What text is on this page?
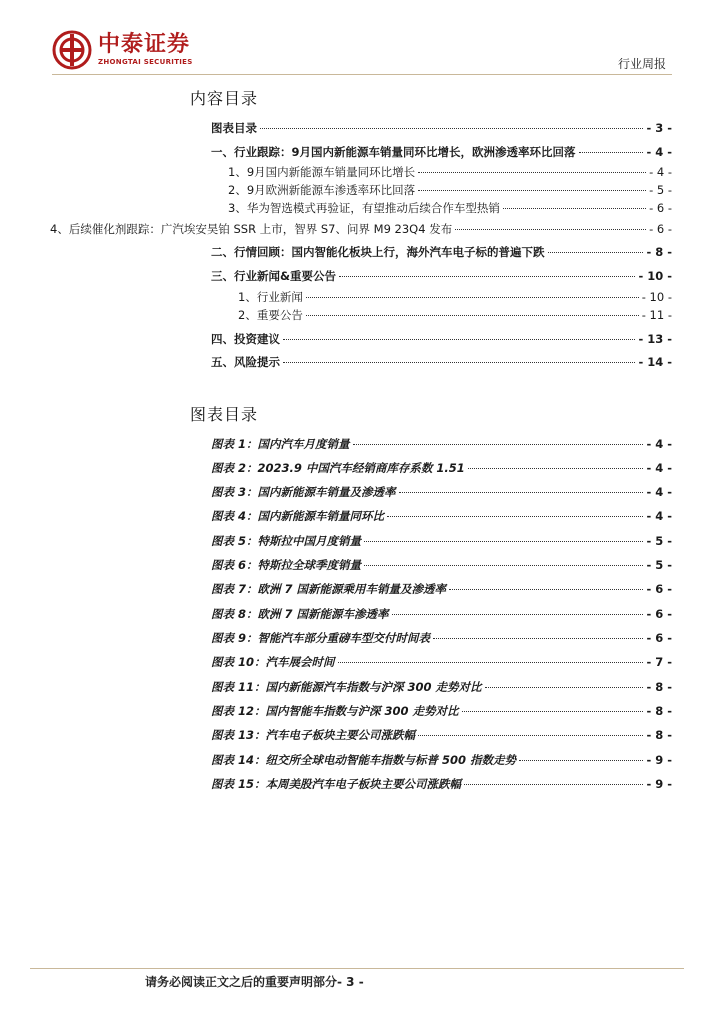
中泰证券
ZHONGTAI SECURITIES	行业周报
内容目录
图表目录	- 3 -
一、行业跟踪：9月国内新能源车销量同环比增长，欧洲渗透率环比回落	- 4 -
1、9月国内新能源车销量同环比增长	- 4 -
2、9月欧洲新能源车渗透率环比回落	- 5 -
3、华为智选模式再验证，有望推动后续合作车型热销	- 6 -
4、后续催化剂跟踪：广汽埃安昊铂 SSR 上市，智界 S7、问界 M9 23Q4 发布	- 6 -
二、行情回顾：国内智能化板块上行，海外汽车电子标的普遍下跌	- 8 -
三、行业新闻&重要公告	- 10 -
1、行业新闻	- 10 -
2、重要公告	- 11 -
四、投资建议	- 13 -
五、风险提示	- 14 -
图表目录
图表 1：国内汽车月度销量	- 4 -
图表 2：2023.9 中国汽车经销商库存系数 1.51	- 4 -
图表 3：国内新能源车销量及渗透率	- 4 -
图表 4：国内新能源车销量同环比	- 4 -
图表 5：特斯拉中国月度销量	- 5 -
图表 6：特斯拉全球季度销量	- 5 -
图表 7：欧洲 7 国新能源乘用车销量及渗透率	- 6 -
图表 8：欧洲 7 国新能源车渗透率	- 6 -
图表 9：智能汽车部分重磅车型交付时间表	- 6 -
图表 10：汽车展会时间	- 7 -
图表 11：国内新能源汽车指数与沪深 300 走势对比	- 8 -
图表 12：国内智能车指数与沪深 300 走势对比	- 8 -
图表 13：汽车电子板块主要公司涨跌幅	- 8 -
图表 14：纽交所全球电动智能车指数与标普 500 指数走势	- 9 -
图表 15：本周美股汽车电子板块主要公司涨跌幅	- 9 -
请务必阅读正文之后的重要声明部分- 3 -
